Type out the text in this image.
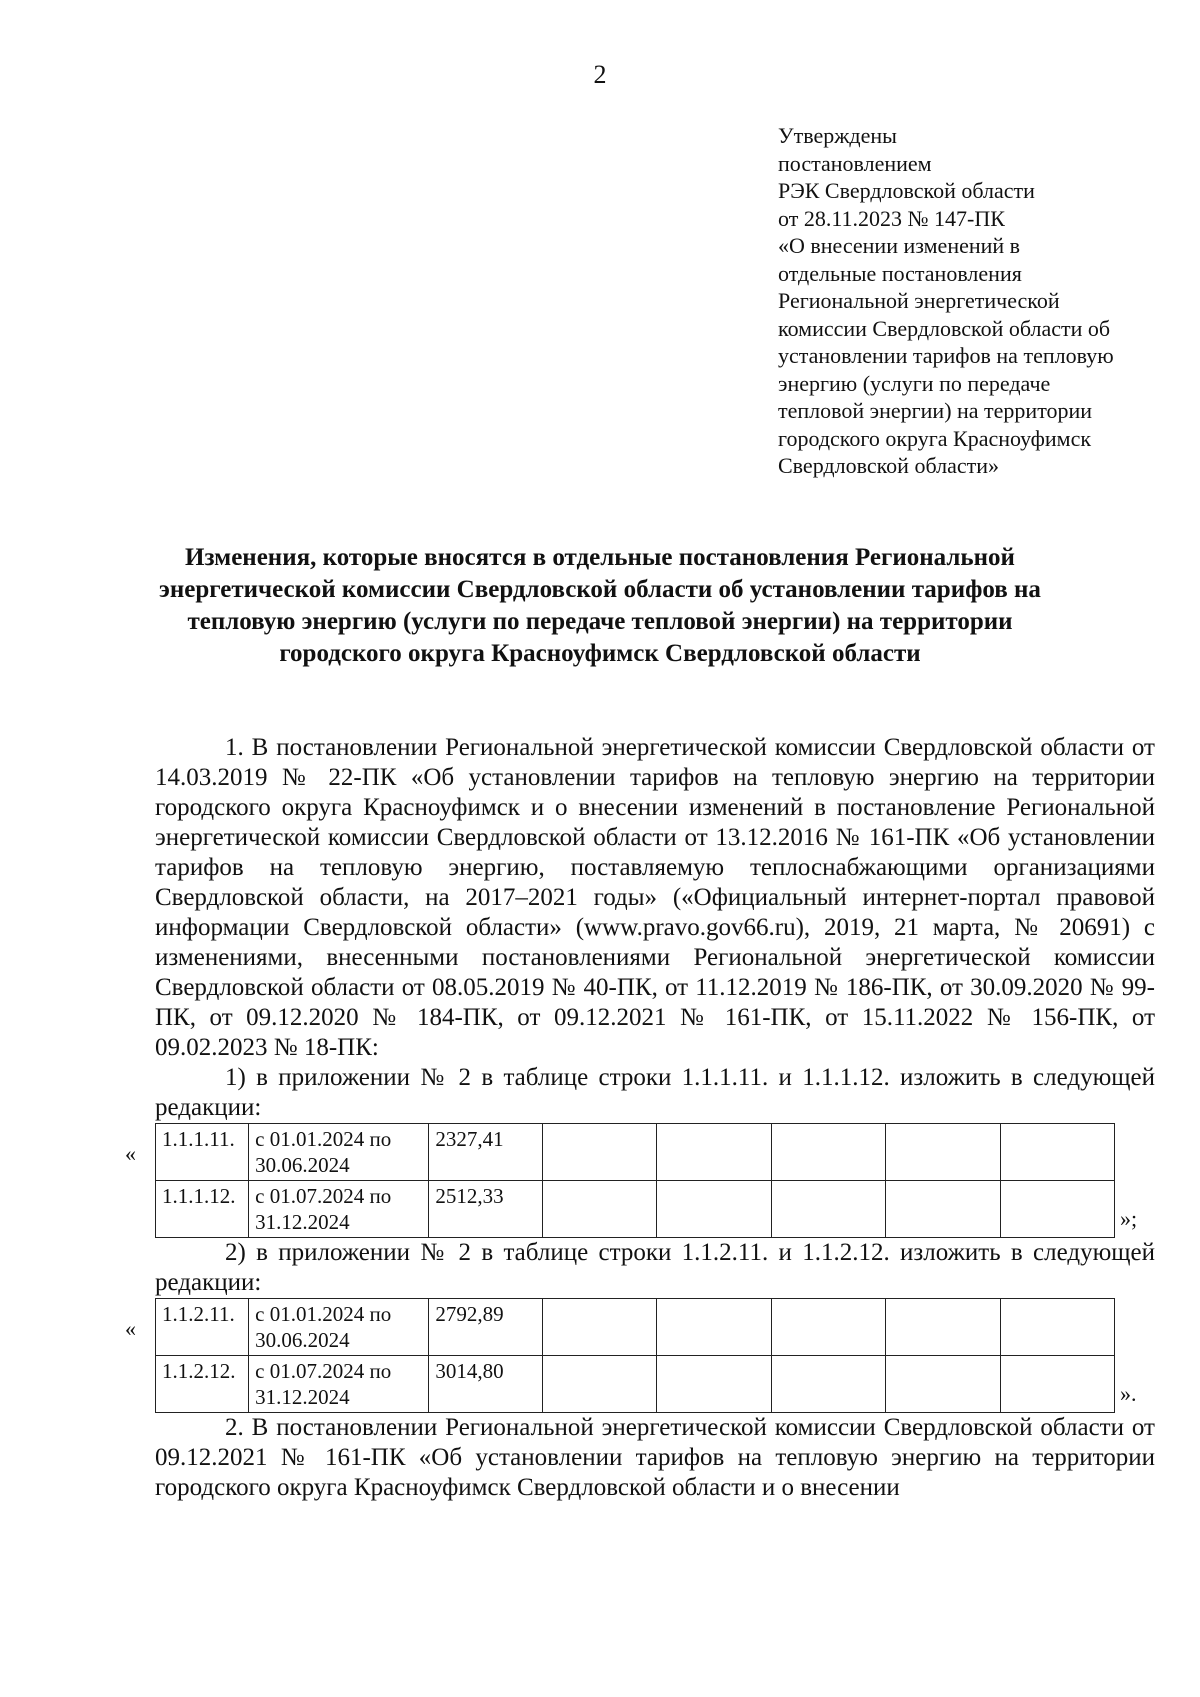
2
Утверждены
постановлением
РЭК Свердловской области
от 28.11.2023 № 147-ПК
«О внесении изменений в
отдельные постановления
Региональной энергетической
комиссии Свердловской области об
установлении тарифов на тепловую
энергию (услуги по передаче
тепловой энергии) на территории
городского округа Красноуфимск
Свердловской области»
Изменения, которые вносятся в отдельные постановления Региональной энергетической комиссии Свердловской области об установлении тарифов на тепловую энергию (услуги по передаче тепловой энергии) на территории городского округа Красноуфимск Свердловской области

1. В постановлении Региональной энергетической комиссии Свердловской области от 14.03.2019 № 22-ПК «Об установлении тарифов на тепловую энергию на территории городского округа Красноуфимск и о внесении изменений в постановление Региональной энергетической комиссии Свердловской области от 13.12.2016 № 161-ПК «Об установлении тарифов на тепловую энергию, поставляемую теплоснабжающими организациями Свердловской области, на 2017–2021 годы» («Официальный интернет-портал правовой информации Свердловской области» (www.pravo.gov66.ru), 2019, 21 марта, № 20691) с изменениями, внесенными постановлениями Региональной энергетической комиссии Свердловской области от 08.05.2019 № 40-ПК, от 11.12.2019 № 186-ПК, от 30.09.2020 № 99-ПК, от 09.12.2020 № 184-ПК, от 09.12.2021 № 161-ПК, от 15.11.2022 № 156-ПК, от 09.02.2023 № 18-ПК:

1) в приложении № 2 в таблице строки 1.1.1.11. и 1.1.1.12. изложить в следующей редакции:

«
1.1.1.11.	с 01.01.2024 по 30.06.2024	2327,41					
1.1.1.12.	с 01.07.2024 по 31.12.2024	2512,33					
»;

2) в приложении № 2 в таблице строки 1.1.2.11. и 1.1.2.12. изложить в следующей редакции:

«
1.1.2.11.	с 01.01.2024 по 30.06.2024	2792,89					
1.1.2.12.	с 01.07.2024 по 31.12.2024	3014,80					
».

2. В постановлении Региональной энергетической комиссии Свердловской области от 09.12.2021 № 161-ПК «Об установлении тарифов на тепловую энергию на территории городского округа Красноуфимск Свердловской области и о внесении
